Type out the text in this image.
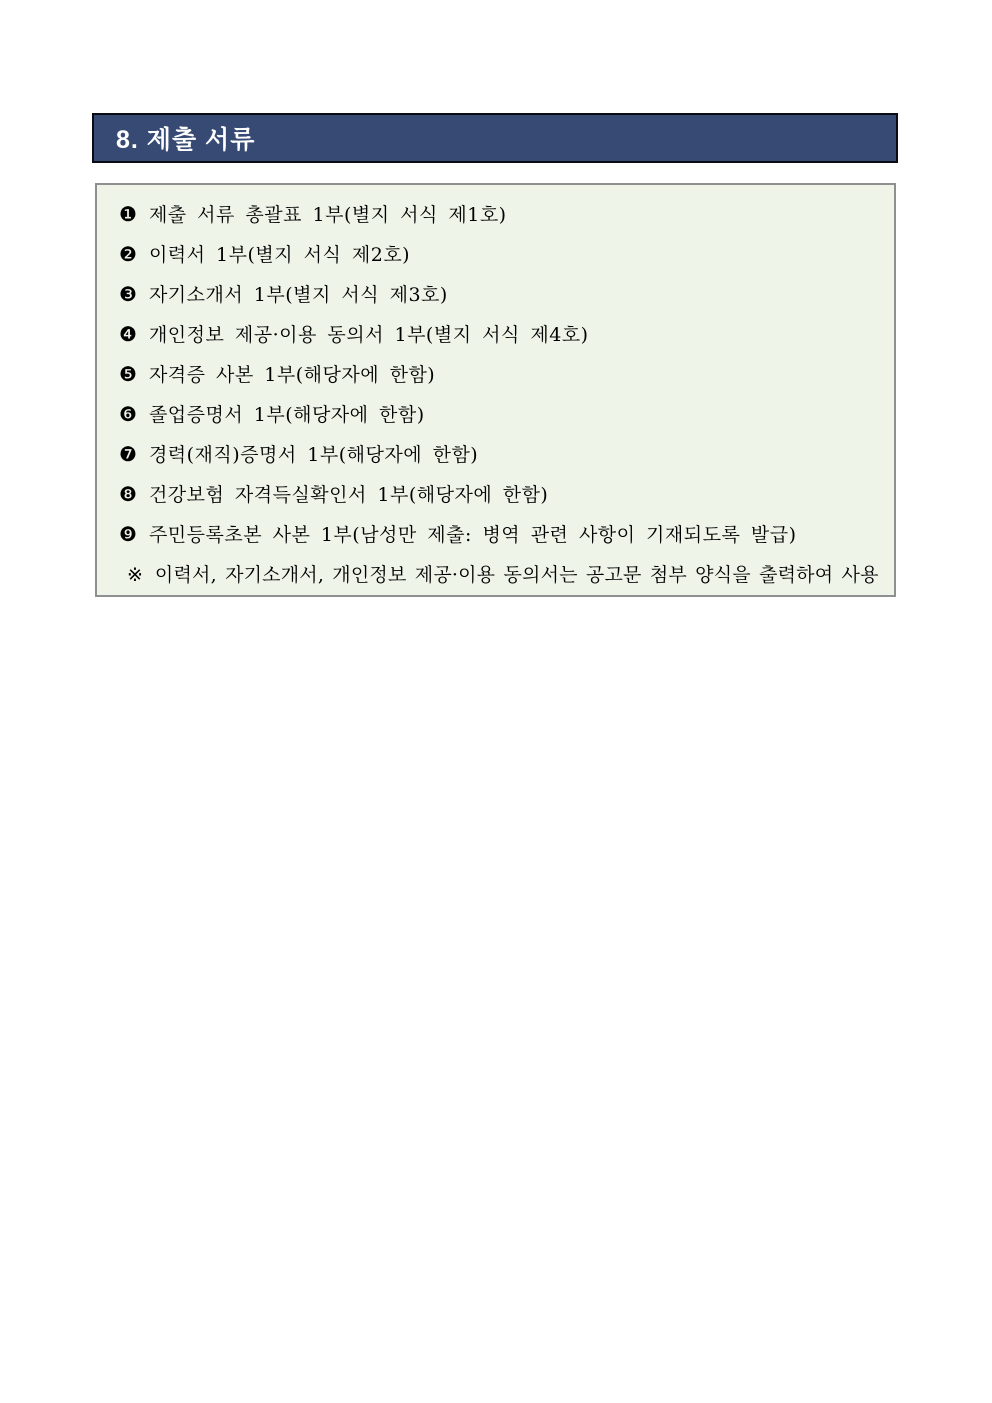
8. 제출 서류
❶ 제출 서류 총괄표 1부(별지 서식 제1호)
❷ 이력서 1부(별지 서식 제2호)
❸ 자기소개서 1부(별지 서식 제3호)
❹ 개인정보 제공·이용 동의서 1부(별지 서식 제4호)
❺ 자격증 사본 1부(해당자에 한함)
❻ 졸업증명서 1부(해당자에 한함)
❼ 경력(재직)증명서 1부(해당자에 한함)
❽ 건강보험 자격득실확인서 1부(해당자에 한함)
❾ 주민등록초본 사본 1부(남성만 제출: 병역 관련 사항이 기재되도록 발급)
※ 이력서, 자기소개서, 개인정보 제공·이용 동의서는 공고문 첨부 양식을 출력하여 사용
